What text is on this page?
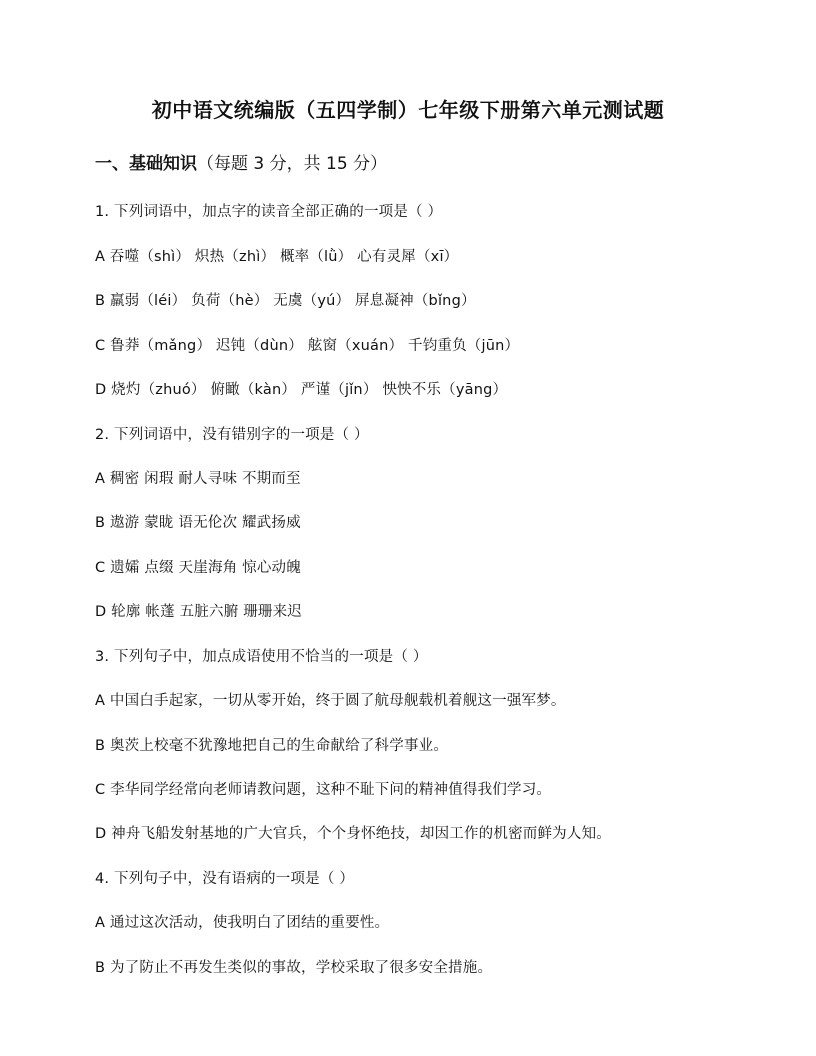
初中语文统编版（五四学制）七年级下册第六单元测试题
一、基础知识（每题 3 分，共 15 分）
1. 下列词语中，加点字的读音全部正确的一项是（ ）
A 吞噬（shì） 炽热（zhì） 概率（lǜ） 心有灵犀（xī）
B 羸弱（léi） 负荷（hè） 无虞（yú） 屏息凝神（bǐng）
C 鲁莽（mǎng） 迟钝（dùn） 舷窗（xuán） 千钧重负（jūn）
D 烧灼（zhuó） 俯瞰（kàn） 严谨（jǐn） 怏怏不乐（yāng）
2. 下列词语中，没有错别字的一项是（ ）
A 稠密 闲瑕 耐人寻味 不期而至
B 遨游 蒙眬 语无伦次 耀武扬威
C 遗孀 点缀 天崖海角 惊心动魄
D 轮廓 帐蓬 五脏六腑 珊珊来迟
3. 下列句子中，加点成语使用不恰当的一项是（ ）
A 中国白手起家，一切从零开始，终于圆了航母舰载机着舰这一强军梦。
B 奥茨上校毫不犹豫地把自己的生命献给了科学事业。
C 李华同学经常向老师请教问题，这种不耻下问的精神值得我们学习。
D 神舟飞船发射基地的广大官兵，个个身怀绝技，却因工作的机密而鲜为人知。
4. 下列句子中，没有语病的一项是（ ）
A 通过这次活动，使我明白了团结的重要性。
B 为了防止不再发生类似的事故，学校采取了很多安全措施。
